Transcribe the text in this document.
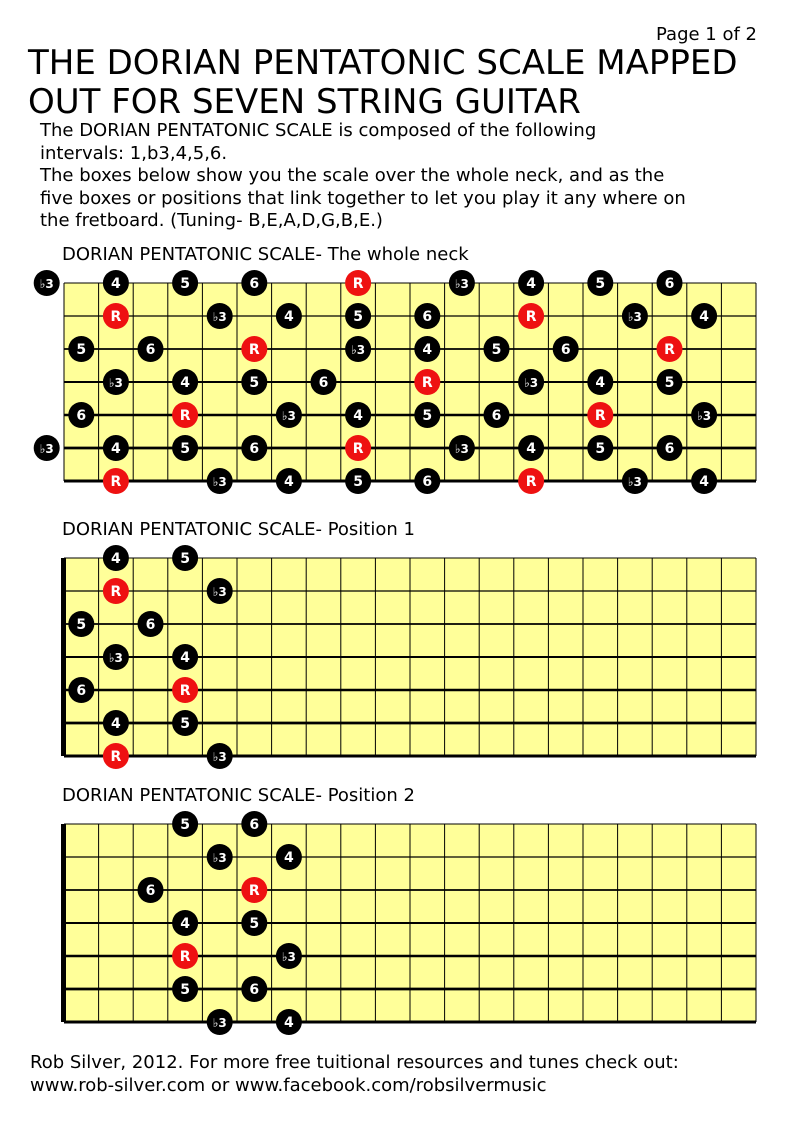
Page 1 of 2
THE DORIAN PENTATONIC SCALE MAPPED
OUT FOR SEVEN STRING GUITAR

The DORIAN PENTATONIC SCALE is composed of the following

intervals: 1,b3,4,5,6.

The boxes below show you the scale over the whole neck, and as the

five boxes or positions that link together to let you play it any where on

the fretboard. (Tuning- B,E,A,D,G,B,E.)

DORIAN PENTATONIC SCALE- The whole neck
DORIAN PENTATONIC SCALE- Position 1
DORIAN PENTATONIC SCALE- Position 2
♭3	4	5	6	R	♭3	4	5	6
R	♭3	4	5	6	R	♭3	4
5	6	R	♭3	4	5	6	R
♭3	4	5	6	R	♭3	4	5
6	R	♭3	4	5	6	R	♭3
♭3	4	5	6	R	♭3	4	5	6
R	♭3	4	5	6	R	♭3	4
4	5
R	♭3
5	6
♭3	4
6	R
4	5
R	♭3
5	6
♭3	4
6	R
4	5
R	♭3
5	6
♭3	4

Rob Silver, 2012. For more free tuitional resources and tunes check out:

www.rob-silver.com or www.facebook.com/robsilvermusic
